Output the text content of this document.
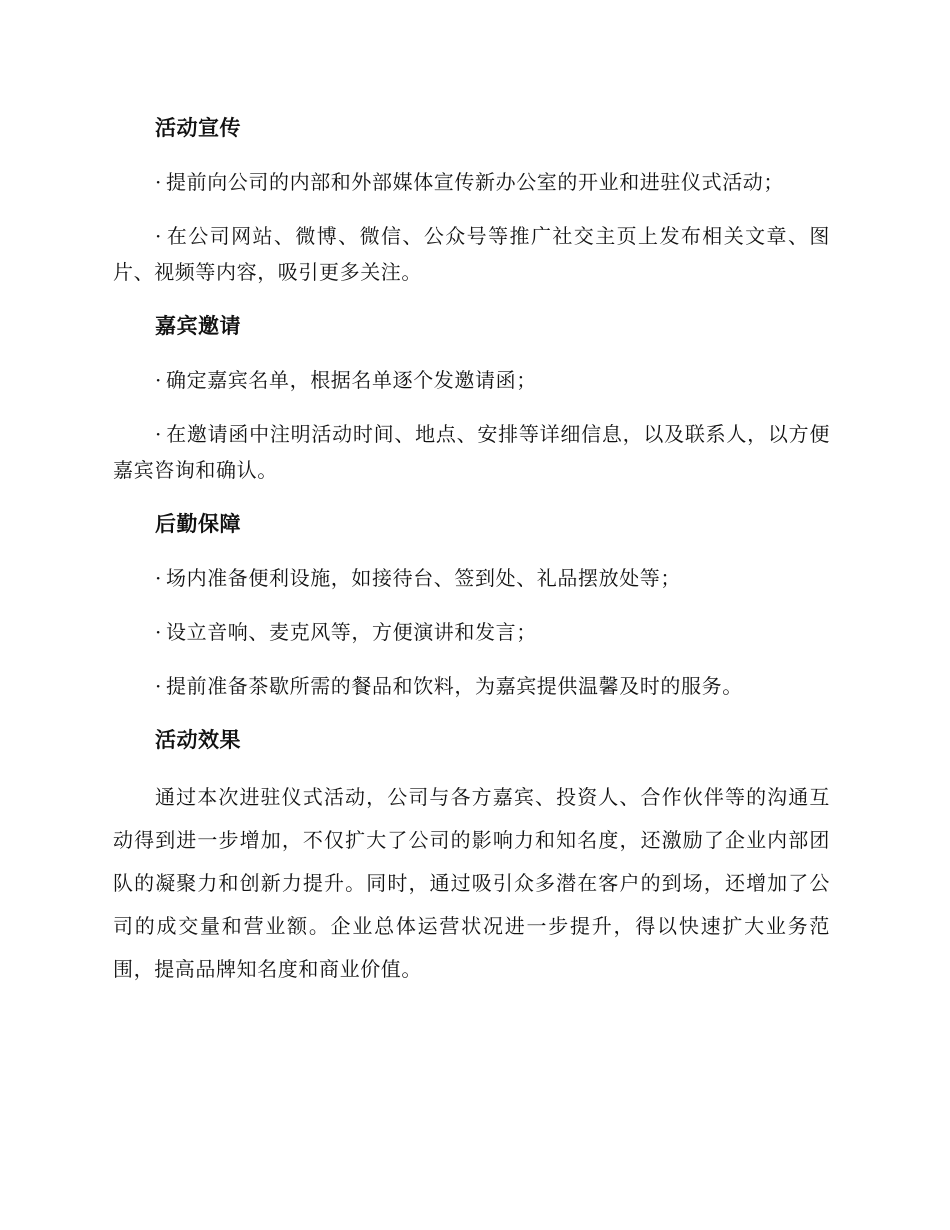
活动宣传

· 提前向公司的内部和外部媒体宣传新办公室的开业和进驻仪式活动；

· 在公司网站、微博、微信、公众号等推广社交主页上发布相关文章、图片、视频等内容，吸引更多关注。

嘉宾邀请

· 确定嘉宾名单，根据名单逐个发邀请函；

· 在邀请函中注明活动时间、地点、安排等详细信息，以及联系人，以方便嘉宾咨询和确认。

后勤保障

· 场内准备便利设施，如接待台、签到处、礼品摆放处等；

· 设立音响、麦克风等，方便演讲和发言；

· 提前准备茶歇所需的餐品和饮料，为嘉宾提供温馨及时的服务。

活动效果

通过本次进驻仪式活动，公司与各方嘉宾、投资人、合作伙伴等的沟通互动得到进一步增加，不仅扩大了公司的影响力和知名度，还激励了企业内部团队的凝聚力和创新力提升。同时，通过吸引众多潜在客户的到场，还增加了公司的成交量和营业额。企业总体运营状况进一步提升，得以快速扩大业务范围，提高品牌知名度和商业价值。
